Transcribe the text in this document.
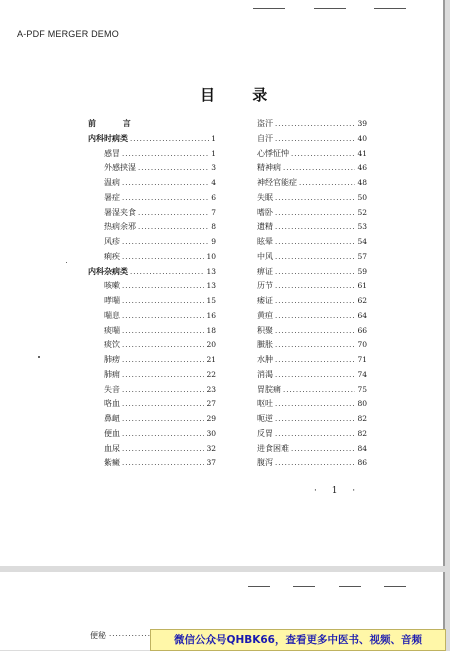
A-PDF MERGER DEMO
目 录
前 言
内科时病类 .....	1
感冒 .....	1
外感挟湿 .....	3
温病 .....	4
暑症 .....	6
暑湿夹食 .....	7
热病余邪 .....	8
风疹 .....	9
痢疾 .....	10
内科杂病类 .....	13
咳嗽 .....	13
哮喘 .....	15
喘息 .....	16
痰喘 .....	18
痰饮 .....	20
肺痨 .....	21
肺痈 .....	22
失音 .....	23
咯血 .....	27
鼻衄 .....	29
便血 .....	30
血尿 .....	32
紫癜 .....	37
盗汗 .....	39
自汗 .....	40
心悸怔忡 .....	41
精神病 .....	46
神经官能症 .....	48
失眠 .....	50
嗜卧 .....	52
遗精 .....	53
眩晕 .....	54
中风 .....	57
痹证 .....	59
历节 .....	61
痿证 .....	62
黄疸 .....	64
积聚 .....	66
臌胀 .....	70
水肿 .....	71
消渴 .....	74
胃脘痛 .....	75
呕吐 .....	80
呃逆 .....	82
反胃 .....	82
进食困难 .....	84
腹泻 .....	86
· 1 ·
便秘 .....	微信公众号QHBK66，查看更多中医书、视频、音频
